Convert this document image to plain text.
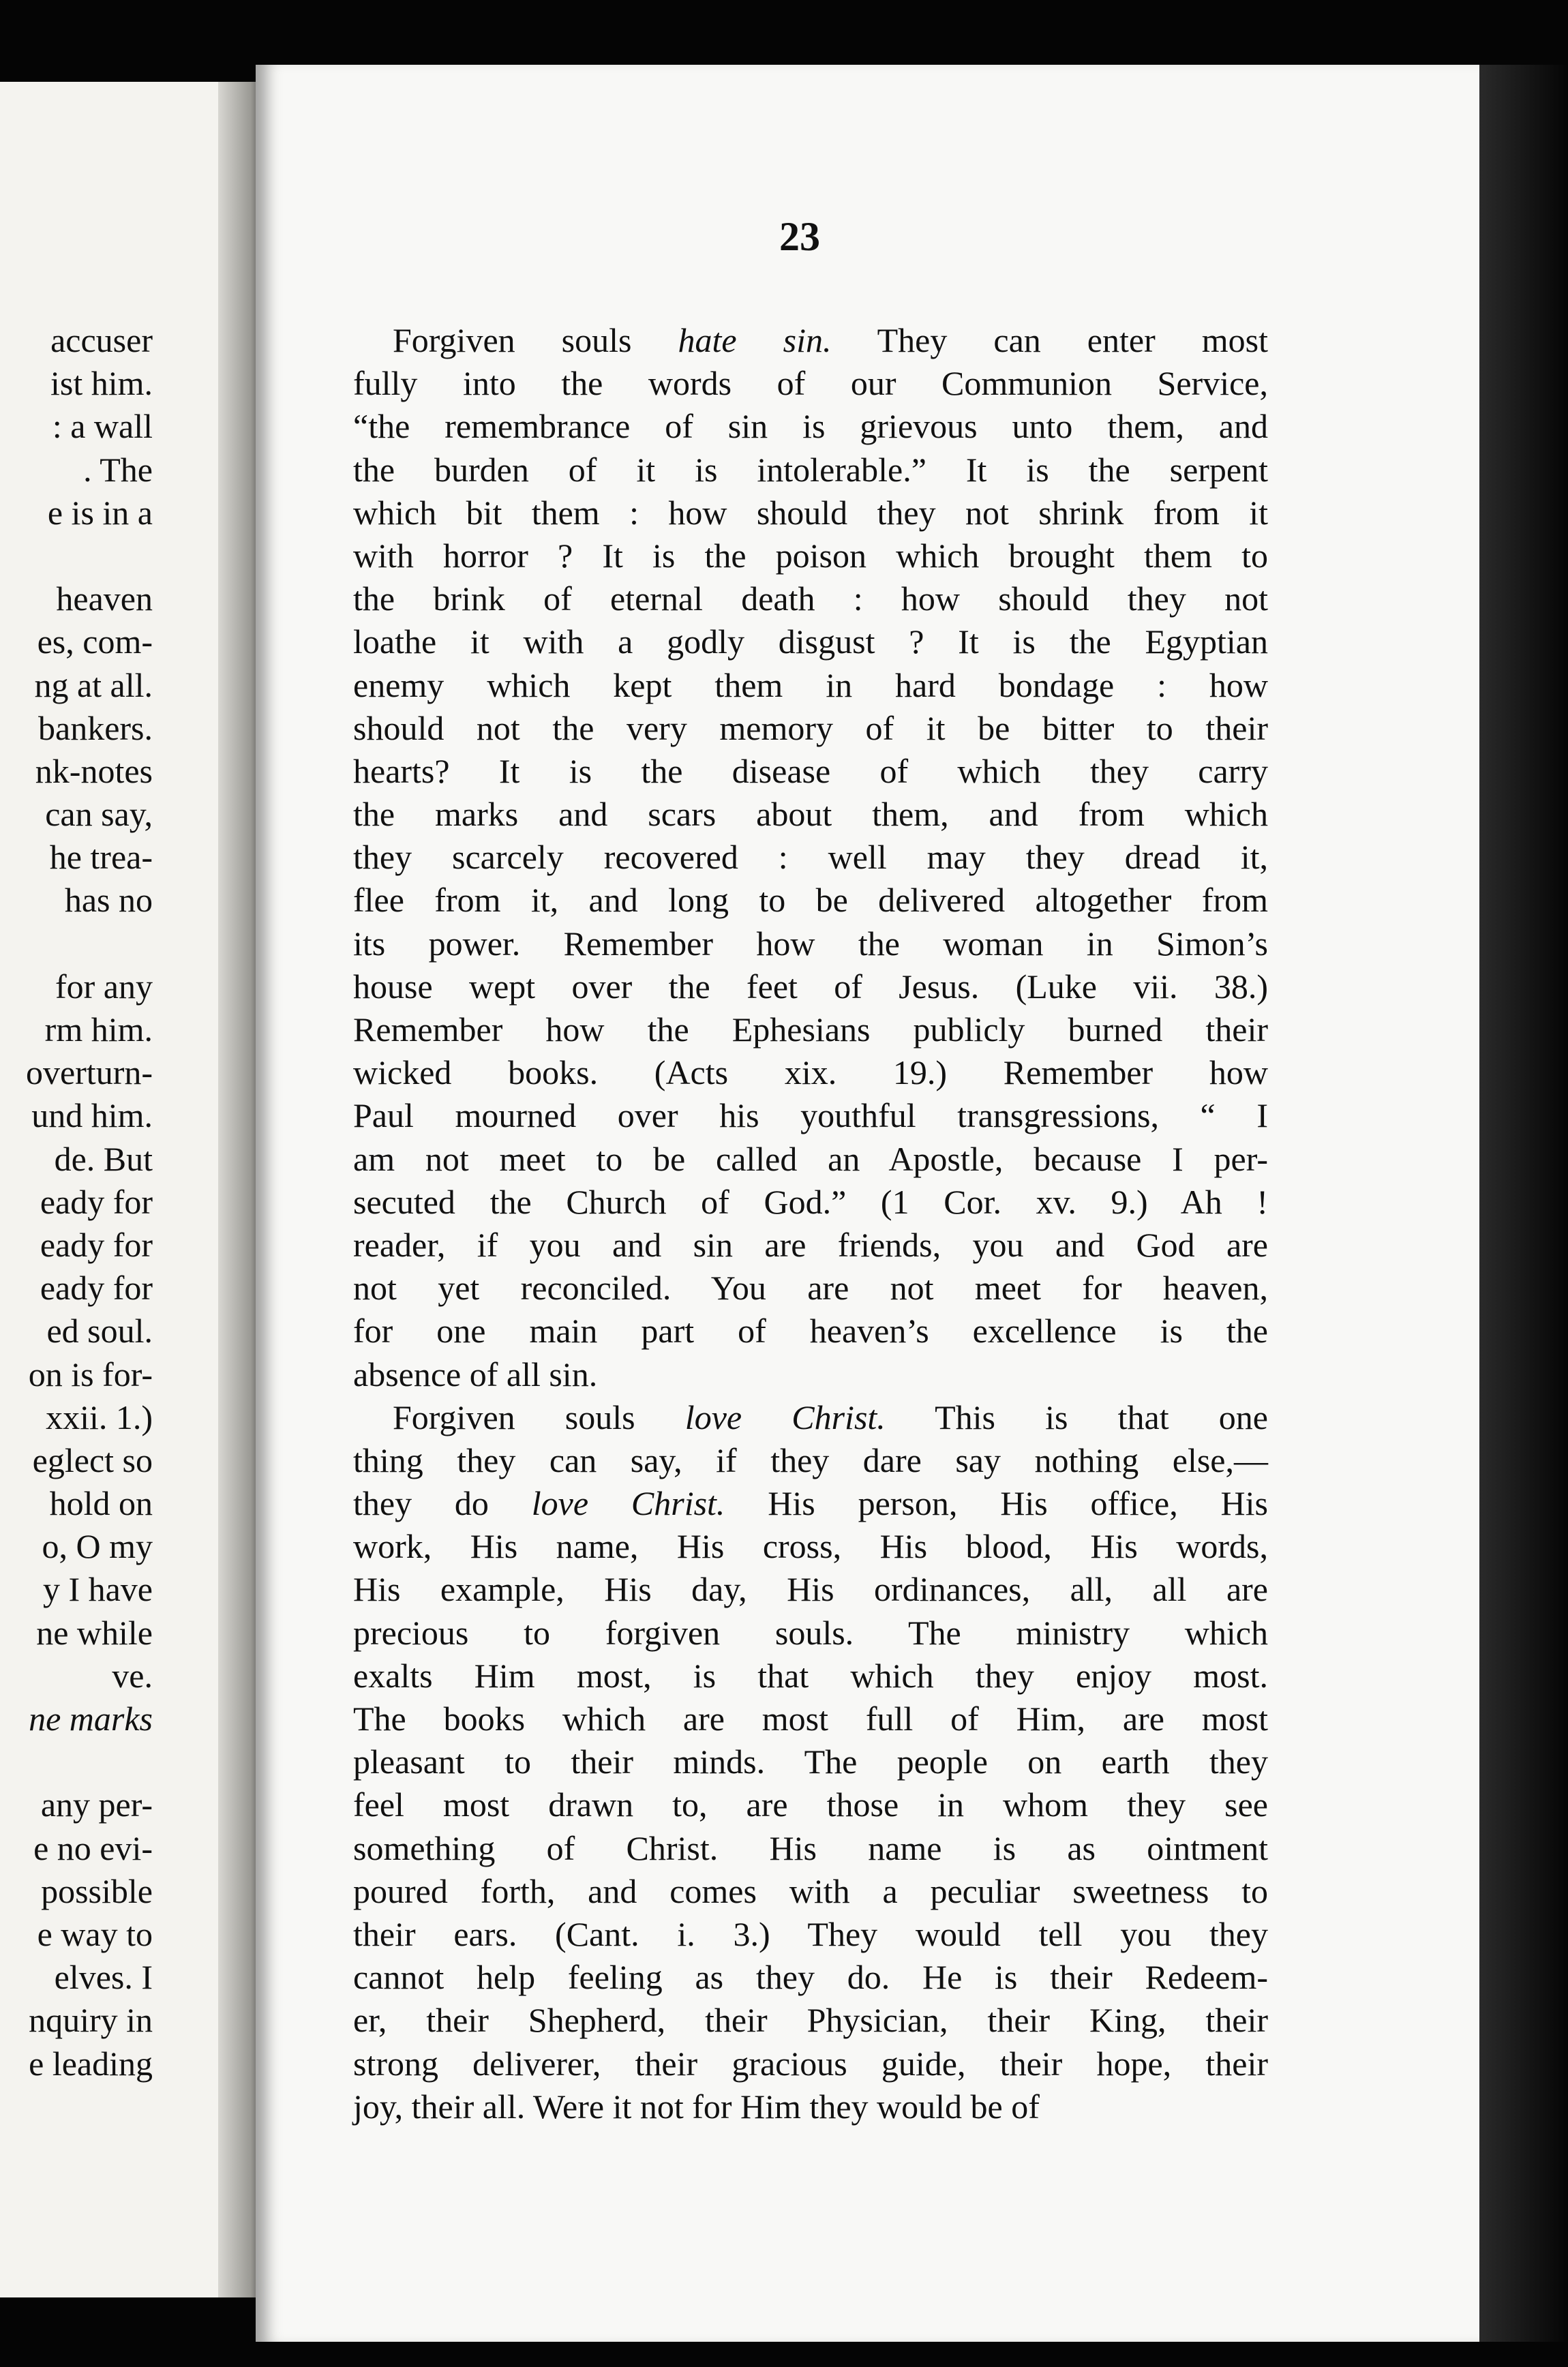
accuser
ist him.
: a wall
. The
e is in a
heaven
es, com-
ng at all.
bankers.
nk-notes
can say,
he trea-
has no
for any
rm him.
overturn-
und him.
de. But
eady for
eady for
eady for
ed soul.
on is for-
xxii. 1.)
eglect so
hold on
o, O my
y I have
ne while
ve.
ne marks
any per-
e no evi-
possible
e way to
elves. I
nquiry in
e leading
23
Forgiven souls hate sin. They can enter most
fully into the words of our Communion Service,
“the remembrance of sin is grievous unto them, and
the burden of it is intolerable.” It is the serpent
which bit them : how should they not shrink from it
with horror ? It is the poison which brought them to
the brink of eternal death : how should they not
loathe it with a godly disgust ? It is the Egyptian
enemy which kept them in hard bondage : how
should not the very memory of it be bitter to their
hearts? It is the disease of which they carry
the marks and scars about them, and from which
they scarcely recovered : well may they dread it,
flee from it, and long to be delivered altogether from
its power. Remember how the woman in Simon’s
house wept over the feet of Jesus. (Luke vii. 38.)
Remember how the Ephesians publicly burned their
wicked books. (Acts xix. 19.) Remember how
Paul mourned over his youthful transgressions, “ I
am not meet to be called an Apostle, because I per-
secuted the Church of God.” (1 Cor. xv. 9.) Ah !
reader, if you and sin are friends, you and God are
not yet reconciled. You are not meet for heaven,
for one main part of heaven’s excellence is the
absence of all sin.
Forgiven souls love Christ. This is that one
thing they can say, if they dare say nothing else,—
they do love Christ. His person, His office, His
work, His name, His cross, His blood, His words,
His example, His day, His ordinances, all, all are
precious to forgiven souls. The ministry which
exalts Him most, is that which they enjoy most.
The books which are most full of Him, are most
pleasant to their minds. The people on earth they
feel most drawn to, are those in whom they see
something of Christ. His name is as ointment
poured forth, and comes with a peculiar sweetness to
their ears. (Cant. i. 3.) They would tell you they
cannot help feeling as they do. He is their Redeem-
er, their Shepherd, their Physician, their King, their
strong deliverer, their gracious guide, their hope, their
joy, their all. Were it not for Him they would be of
